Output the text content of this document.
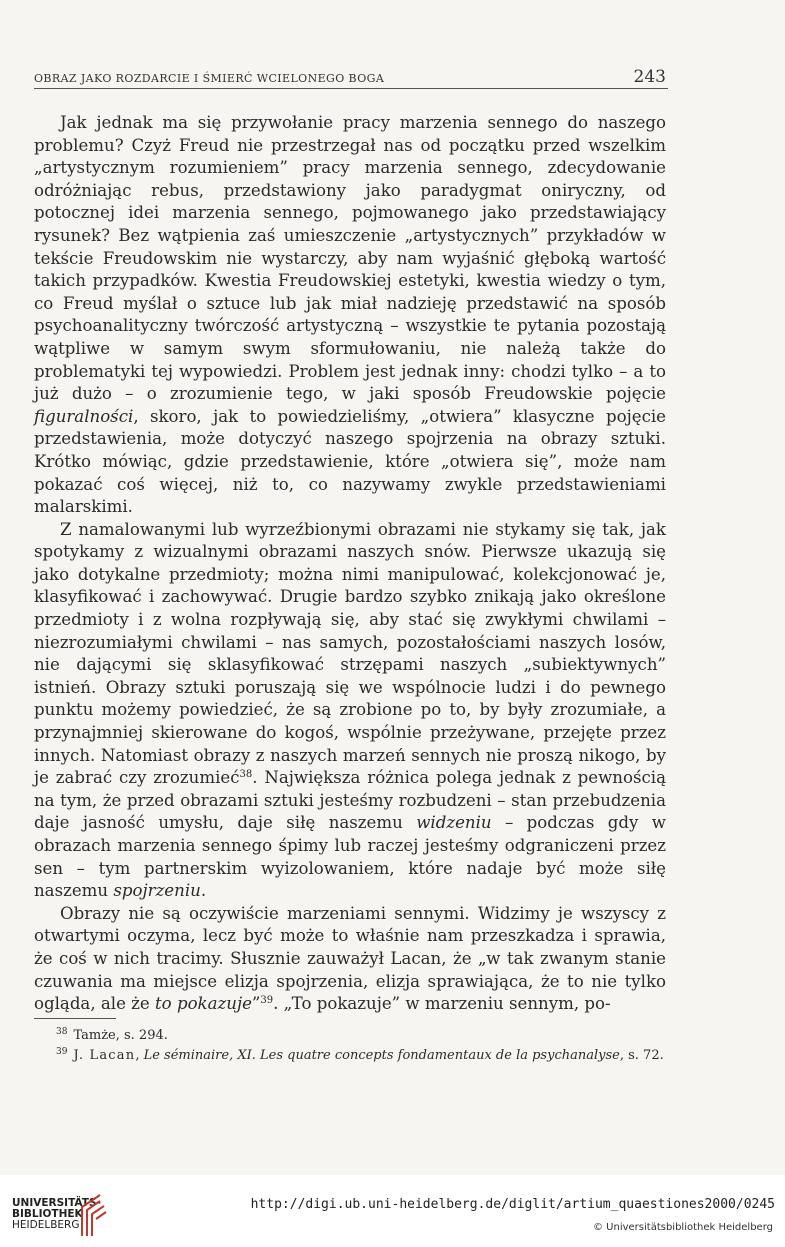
OBRAZ JAKO ROZDARCIE I ŚMIERĆ WCIELONEGO BOGA	243

Jak jednak ma się przywołanie pracy marzenia sennego do naszego problemu? Czyż Freud nie przestrzegał nas od początku przed wszelkim „artystycznym rozumieniem” pracy marzenia sennego, zdecydowanie odróżniając rebus, przedstawiony jako paradygmat oniryczny, od potocznej idei marzenia sennego, pojmowanego jako przedstawiający rysunek? Bez wątpienia zaś umieszczenie „artystycznych” przykładów w tekście Freudowskim nie wystarczy, aby nam wyjaśnić głęboką wartość takich przypadków. Kwestia Freudowskiej estetyki, kwestia wiedzy o tym, co Freud myślał o sztuce lub jak miał nadzieję przedstawić na sposób psychoanalityczny twórczość artystyczną – wszystkie te pytania pozostają wątpliwe w samym swym sformułowaniu, nie należą także do problematyki tej wypowiedzi. Problem jest jednak inny: chodzi tylko – a to już dużo – o zrozumienie tego, w jaki sposób Freudowskie pojęcie figuralności, skoro, jak to powiedzieliśmy, „otwiera” klasyczne pojęcie przedstawienia, może dotyczyć naszego spojrzenia na obrazy sztuki. Krótko mówiąc, gdzie przedstawienie, które „otwiera się”, może nam pokazać coś więcej, niż to, co nazywamy zwykle przedstawieniami malarskimi.

Z namalowanymi lub wyrzeźbionymi obrazami nie stykamy się tak, jak spotykamy z wizualnymi obrazami naszych snów. Pierwsze ukazują się jako dotykalne przedmioty; można nimi manipulować, kolekcjonować je, klasyfikować i zachowywać. Drugie bardzo szybko znikają jako określone przedmioty i z wolna rozpływają się, aby stać się zwykłymi chwilami – niezrozumiałymi chwilami – nas samych, pozostałościami naszych losów, nie dającymi się sklasyfikować strzępami naszych „subiektywnych” istnień. Obrazy sztuki poruszają się we wspólnocie ludzi i do pewnego punktu możemy powiedzieć, że są zrobione po to, by były zrozumiałe, a przynajmniej skierowane do kogoś, wspólnie przeżywane, przejęte przez innych. Natomiast obrazy z naszych marzeń sennych nie proszą nikogo, by je zabrać czy zrozumieć$^{38}$. Największa różnica polega jednak z pewnością na tym, że przed obrazami sztuki jesteśmy rozbudzeni – stan przebudzenia daje jasność umysłu, daje siłę naszemu widzeniu – podczas gdy w obrazach marzenia sennego śpimy lub raczej jesteśmy odgraniczeni przez sen – tym partnerskim wyizolowaniem, które nadaje być może siłę naszemu spojrzeniu.

Obrazy nie są oczywiście marzeniami sennymi. Widzimy je wszyscy z otwartymi oczyma, lecz być może to właśnie nam przeszkadza i sprawia, że coś w nich tracimy. Słusznie zauważył Lacan, że „w tak zwanym stanie czuwania ma miejsce elizja spojrzenia, elizja sprawiająca, że to nie tylko ogląda, ale że to pokazuje”$^{39}$. „To pokazuje” w marzeniu sennym, po-

$^{38}$ Tamże, s. 294.

$^{39}$ J. Lacan, Le séminaire, XI. Les quatre concepts fondamentaux de la psychanalyse, s. 72.

UNIVERSITÄTS-
BIBLIOTHEK
HEIDELBERG
http://digi.ub.uni-heidelberg.de/diglit/artium_quaestiones2000/0245
© Universitätsbibliothek Heidelberg
